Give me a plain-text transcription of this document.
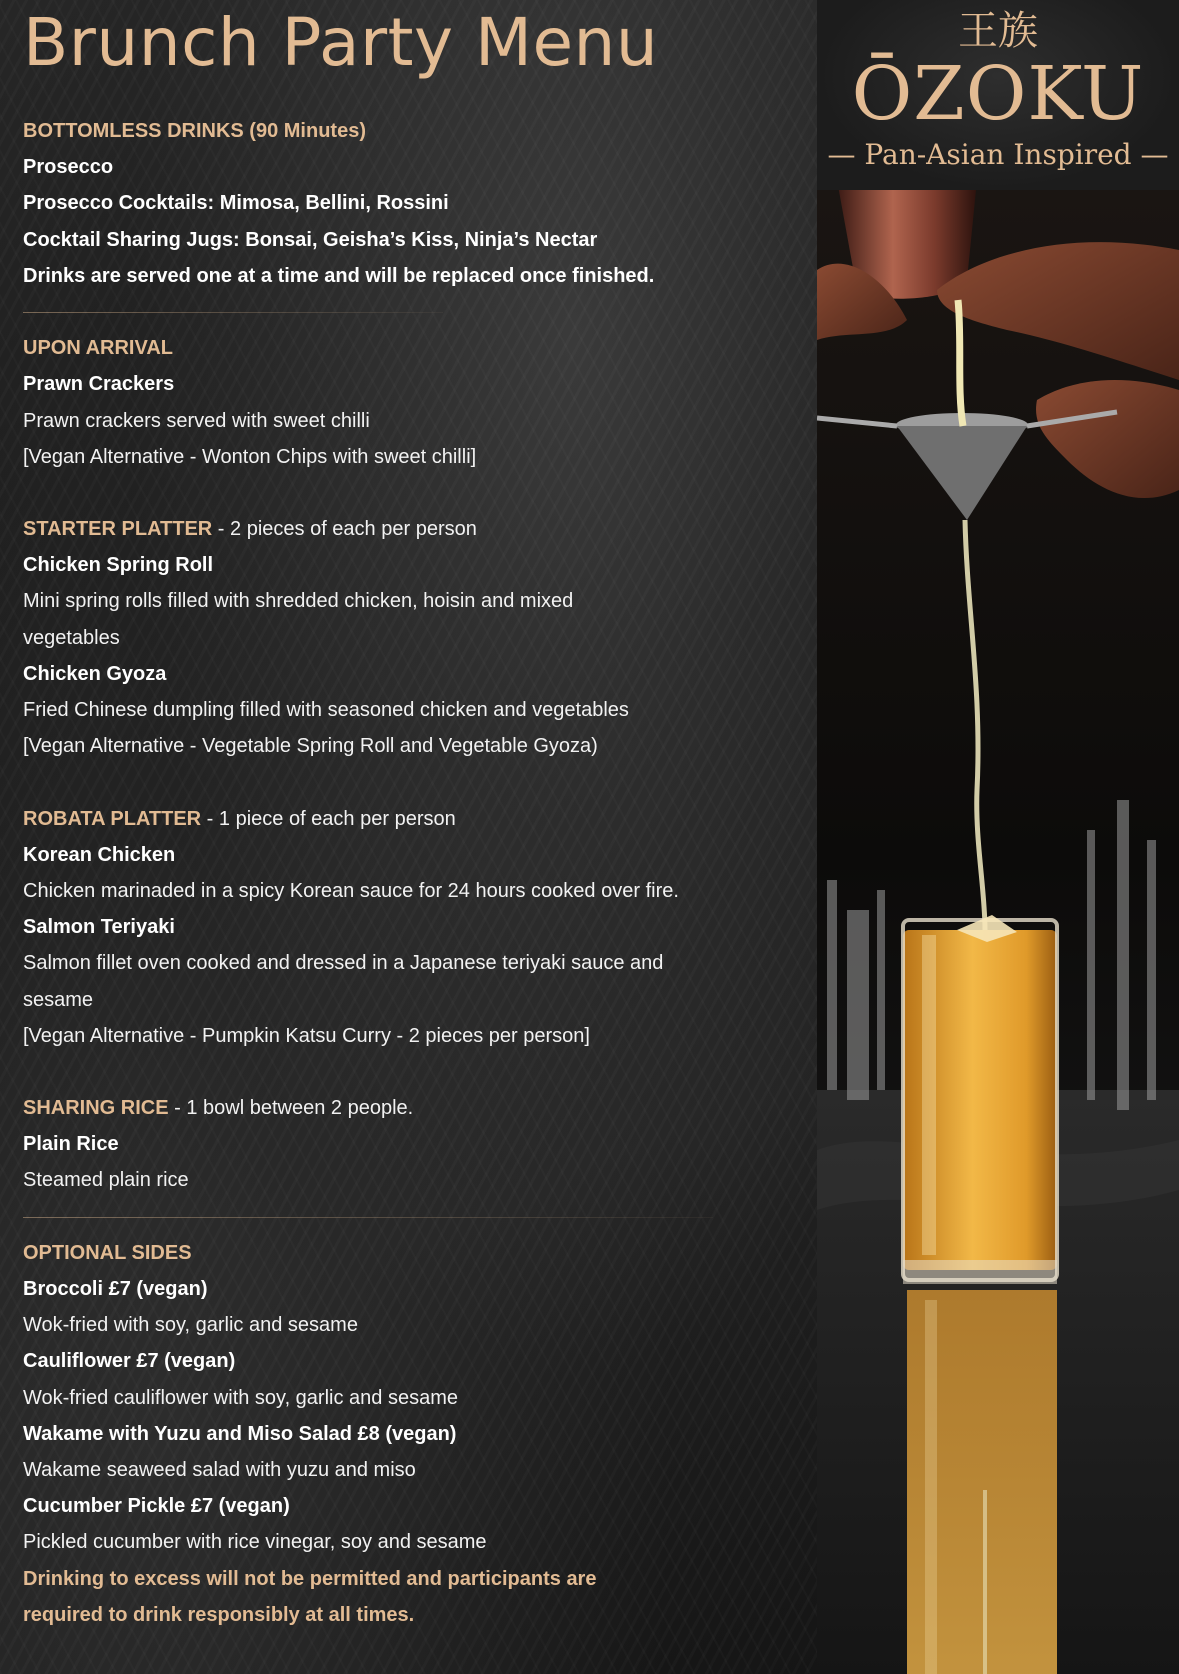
Brunch Party Menu
BOTTOMLESS DRINKS (90 Minutes)
Prosecco
Prosecco Cocktails: Mimosa, Bellini, Rossini
Cocktail Sharing Jugs: Bonsai, Geisha’s Kiss, Ninja’s Nectar
Drinks are served one at a time and will be replaced once finished.
UPON ARRIVAL
Prawn Crackers
Prawn crackers served with sweet chilli
[Vegan Alternative - Wonton Chips with sweet chilli]
STARTER PLATTER - 2 pieces of each per person
Chicken Spring Roll
Mini spring rolls filled with shredded chicken, hoisin and mixed
vegetables
Chicken Gyoza
Fried Chinese dumpling filled with seasoned chicken and vegetables
[Vegan Alternative - Vegetable Spring Roll and Vegetable Gyoza)
ROBATA PLATTER - 1 piece of each per person
Korean Chicken
Chicken marinaded in a spicy Korean sauce for 24 hours cooked over fire.
Salmon Teriyaki
Salmon fillet oven cooked and dressed in a Japanese teriyaki sauce and
sesame
[Vegan Alternative - Pumpkin Katsu Curry - 2 pieces per person]
SHARING RICE - 1 bowl between 2 people.
Plain Rice
Steamed plain rice
OPTIONAL SIDES
Broccoli £7 (vegan)
Wok-fried with soy, garlic and sesame
Cauliflower £7 (vegan)
Wok-fried cauliflower with soy, garlic and sesame
Wakame with Yuzu and Miso Salad £8 (vegan)
Wakame seaweed salad with yuzu and miso
Cucumber Pickle £7 (vegan)
Pickled cucumber with rice vinegar, soy and sesame
Drinking to excess will not be permitted and participants are
required to drink responsibly at all times.
王族
ŌZOKU
— Pan-Asian Inspired —
